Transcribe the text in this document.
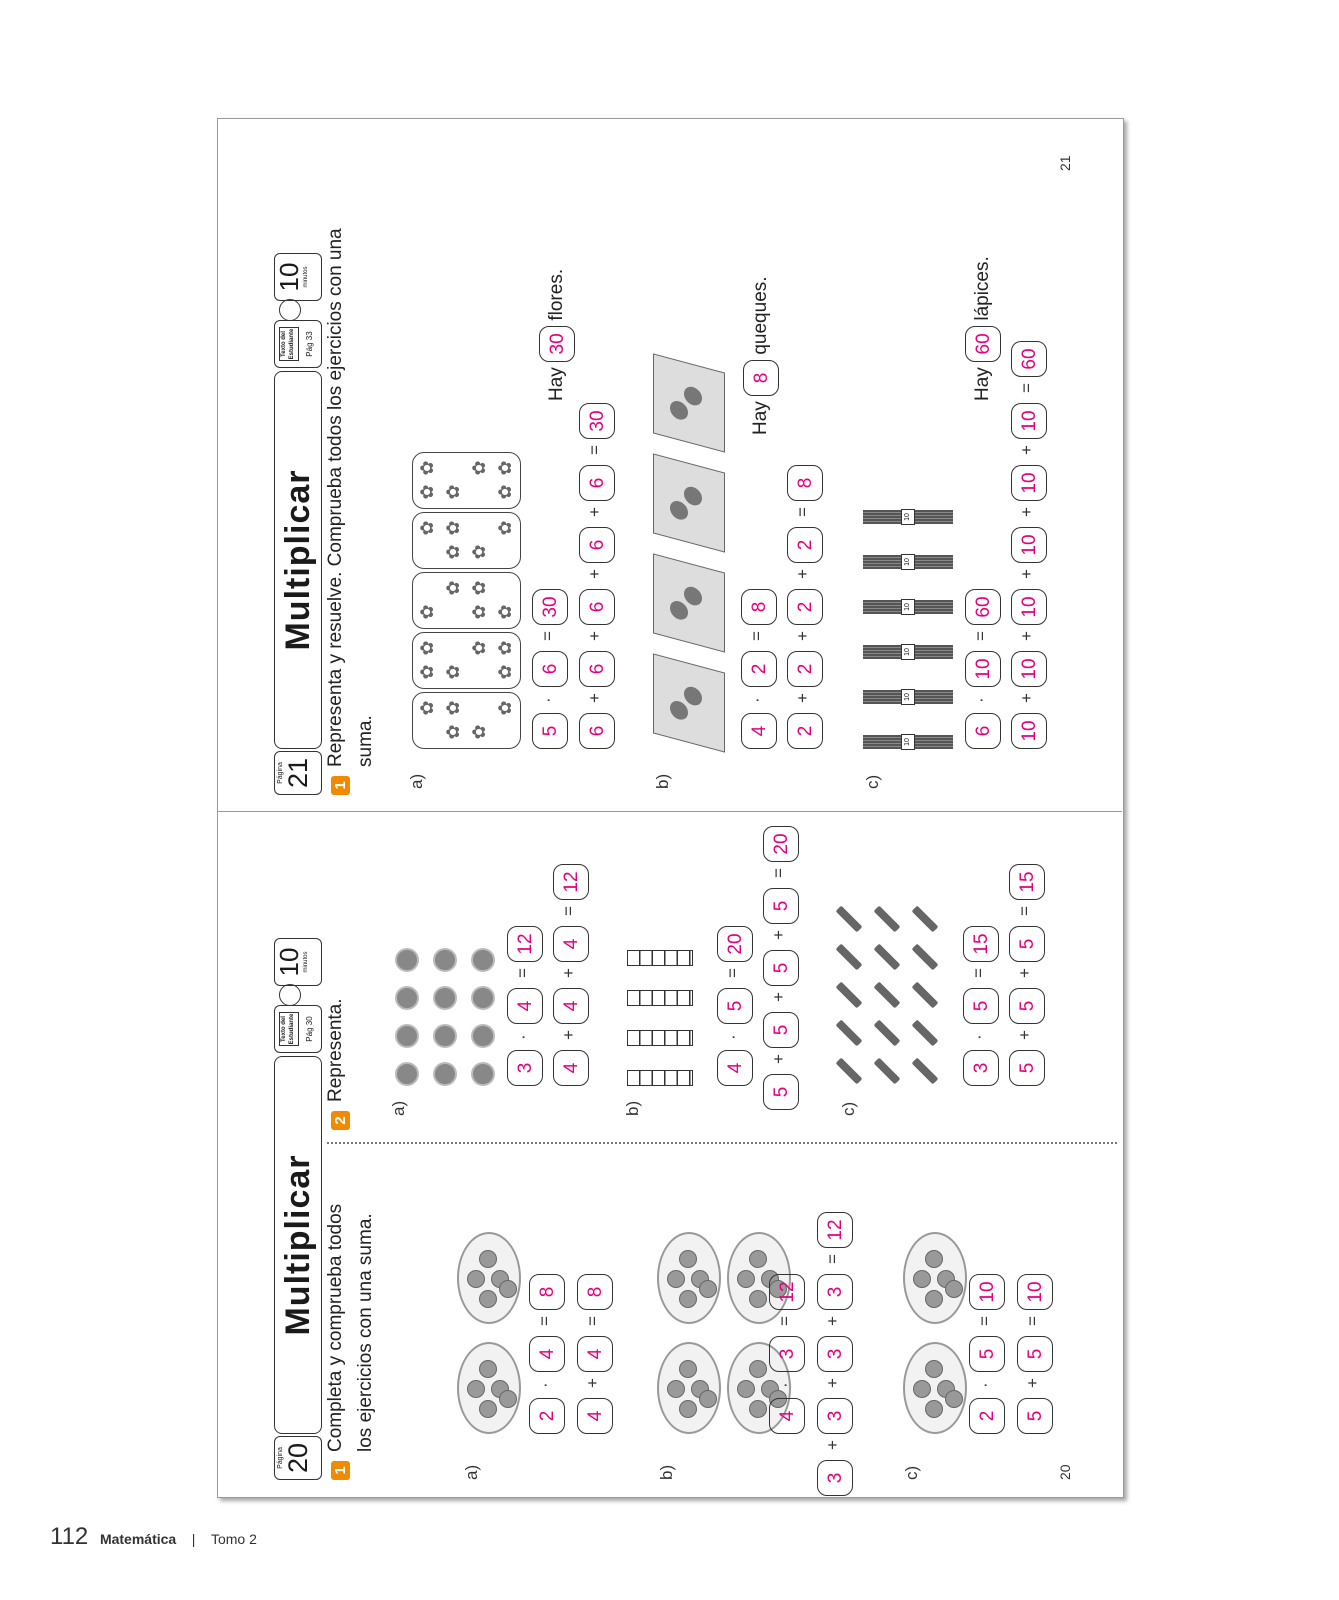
Página 21
Multiplicar
Texto del Estudiante	Pág 33
10 minutos
1
Representa y resuelve. Comprueba todos los ejercicios con una suma.
a)
✿
✿
✿
✿
✿
✿
✿
✿
✿
✿
✿
✿
✿
✿
✿
✿
✿
✿
✿
✿
✿
✿
✿
✿
✿
✿
✿
5
·
6
=
30
6
+
6
+
6
+
6
+
6
=
30
Hay 30 flores.
b)
4
·
2
=
8
2
+
2
+
2
+
2
=
8
Hay 8 queques.
c)
10
10
10
10
10
10
6
·
10
=
60
10
+
10
+
10
+
10
+
10
+
10
=
60
Hay 60 lápices.
21
Página 20
Multiplicar
Texto del Estudiante	Pág 30
10 minutos
1
Completa y comprueba todos los ejercicios con una suma.
a)
2
·
4
=
8
4
+
4
=
8
b)
4
·
3
=
12
3
+
3
+
3
+
3
=
12
c)
2
·
5
=
10
5
+
5
=
10
2
Representa.
a)
3
·
4
=
12
4
+
4
+
4
=
12
b)
4
·
5
=
20
5
+
5
+
5
+
5
=
20
c)
3
·
5
=
15
5
+
5
+
5
=
15
20
112 Matemática | Tomo 2
